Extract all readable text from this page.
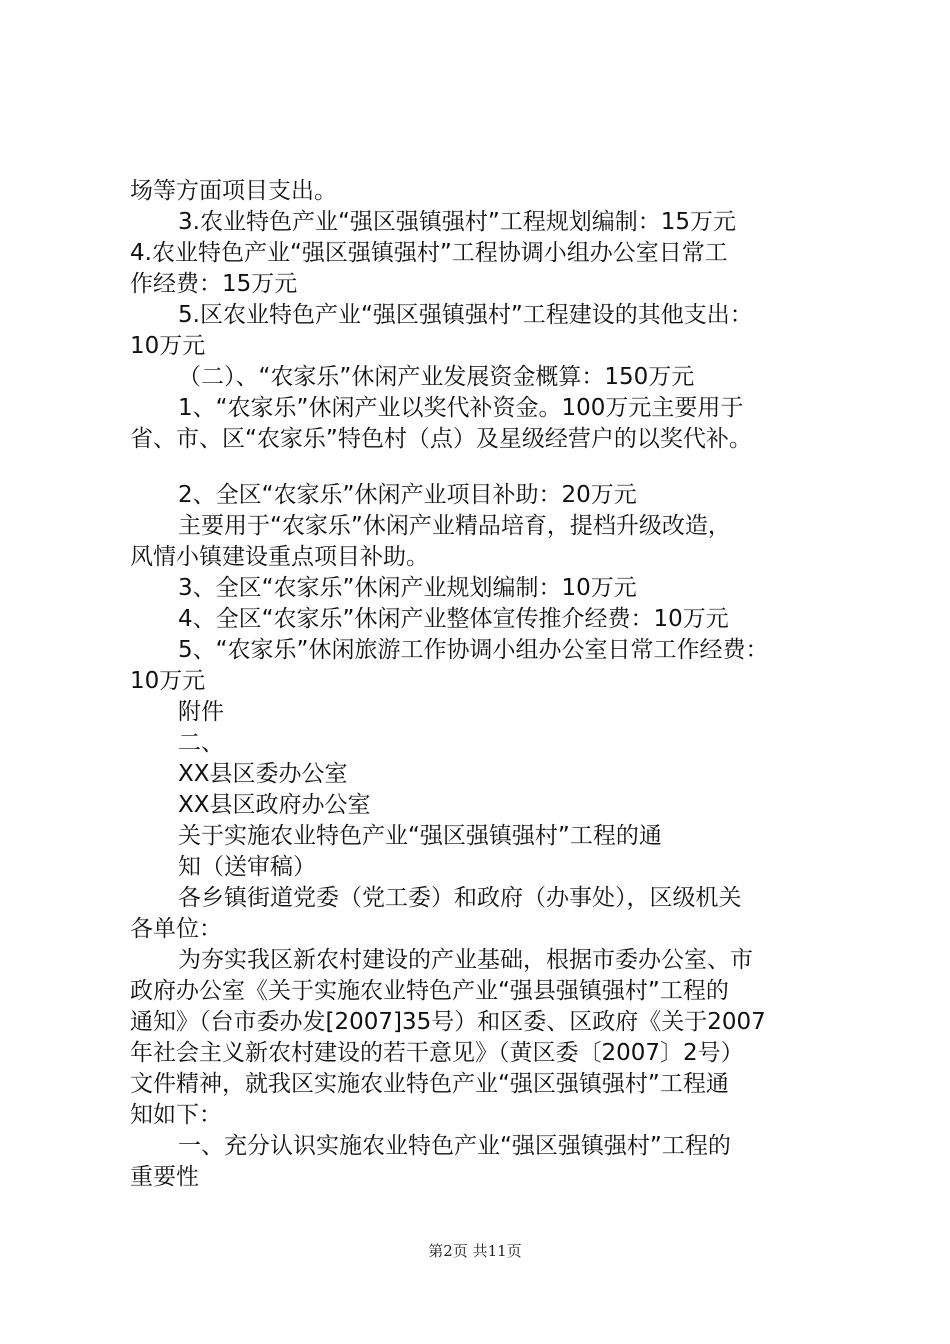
场等方面项目支出。
3.农业特色产业“强区强镇强村”工程规划编制：15万元
4.农业特色产业“强区强镇强村”工程协调小组办公室日常工
作经费：15万元
5.区农业特色产业“强区强镇强村”工程建设的其他支出：
10万元
（二）、“农家乐”休闲产业发展资金概算：150万元
1、“农家乐”休闲产业以奖代补资金。100万元主要用于
省、市、区“农家乐”特色村（点）及星级经营户的以奖代补。
2、全区“农家乐”休闲产业项目补助：20万元
主要用于“农家乐”休闲产业精品培育，提档升级改造，
风情小镇建设重点项目补助。
3、全区“农家乐”休闲产业规划编制：10万元
4、全区“农家乐”休闲产业整体宣传推介经费：10万元
5、“农家乐”休闲旅游工作协调小组办公室日常工作经费：
10万元
附件
二、
XX县区委办公室
XX县区政府办公室
关于实施农业特色产业“强区强镇强村”工程的通
知（送审稿）
各乡镇街道党委（党工委）和政府（办事处），区级机关
各单位：
为夯实我区新农村建设的产业基础，根据市委办公室、市
政府办公室《关于实施农业特色产业“强县强镇强村”工程的
通知》（台市委办发[2007]35号）和区委、区政府《关于2007
年社会主义新农村建设的若干意见》（黄区委〔2007〕2号）
文件精神，就我区实施农业特色产业“强区强镇强村”工程通
知如下：
一、充分认识实施农业特色产业“强区强镇强村”工程的
重要性
第2页 共11页
